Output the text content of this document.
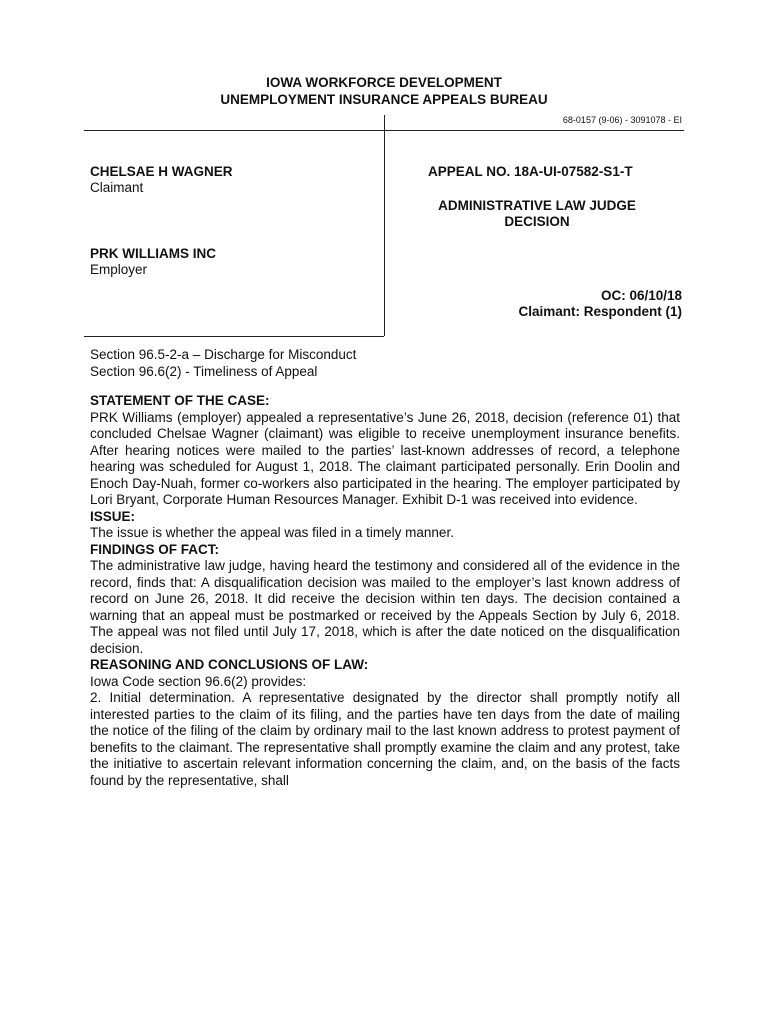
IOWA WORKFORCE DEVELOPMENT
UNEMPLOYMENT INSURANCE APPEALS BUREAU
68-0157 (9-06) - 3091078 - EI
CHELSAE H WAGNER
Claimant
PRK WILLIAMS INC
Employer
APPEAL NO. 18A-UI-07582-S1-T
ADMINISTRATIVE LAW JUDGE
DECISION
OC: 06/10/18
Claimant: Respondent (1)
Section 96.5-2-a – Discharge for Misconduct
Section 96.6(2) - Timeliness of Appeal

STATEMENT OF THE CASE:

PRK Williams (employer) appealed a representative’s June 26, 2018, decision (reference 01) that concluded Chelsae Wagner (claimant) was eligible to receive unemployment insurance benefits. After hearing notices were mailed to the parties’ last-known addresses of record, a telephone hearing was scheduled for August 1, 2018. The claimant participated personally. Erin Doolin and Enoch Day-Nuah, former co-workers also participated in the hearing. The employer participated by Lori Bryant, Corporate Human Resources Manager. Exhibit D-1 was received into evidence.

ISSUE:

The issue is whether the appeal was filed in a timely manner.

FINDINGS OF FACT:

The administrative law judge, having heard the testimony and considered all of the evidence in the record, finds that: A disqualification decision was mailed to the employer’s last known address of record on June 26, 2018. It did receive the decision within ten days. The decision contained a warning that an appeal must be postmarked or received by the Appeals Section by July 6, 2018. The appeal was not filed until July 17, 2018, which is after the date noticed on the disqualification decision.

REASONING AND CONCLUSIONS OF LAW:

Iowa Code section 96.6(2) provides:

2. Initial determination. A representative designated by the director shall promptly notify all interested parties to the claim of its filing, and the parties have ten days from the date of mailing the notice of the filing of the claim by ordinary mail to the last known address to protest payment of benefits to the claimant. The representative shall promptly examine the claim and any protest, take the initiative to ascertain relevant information concerning the claim, and, on the basis of the facts found by the representative, shall
